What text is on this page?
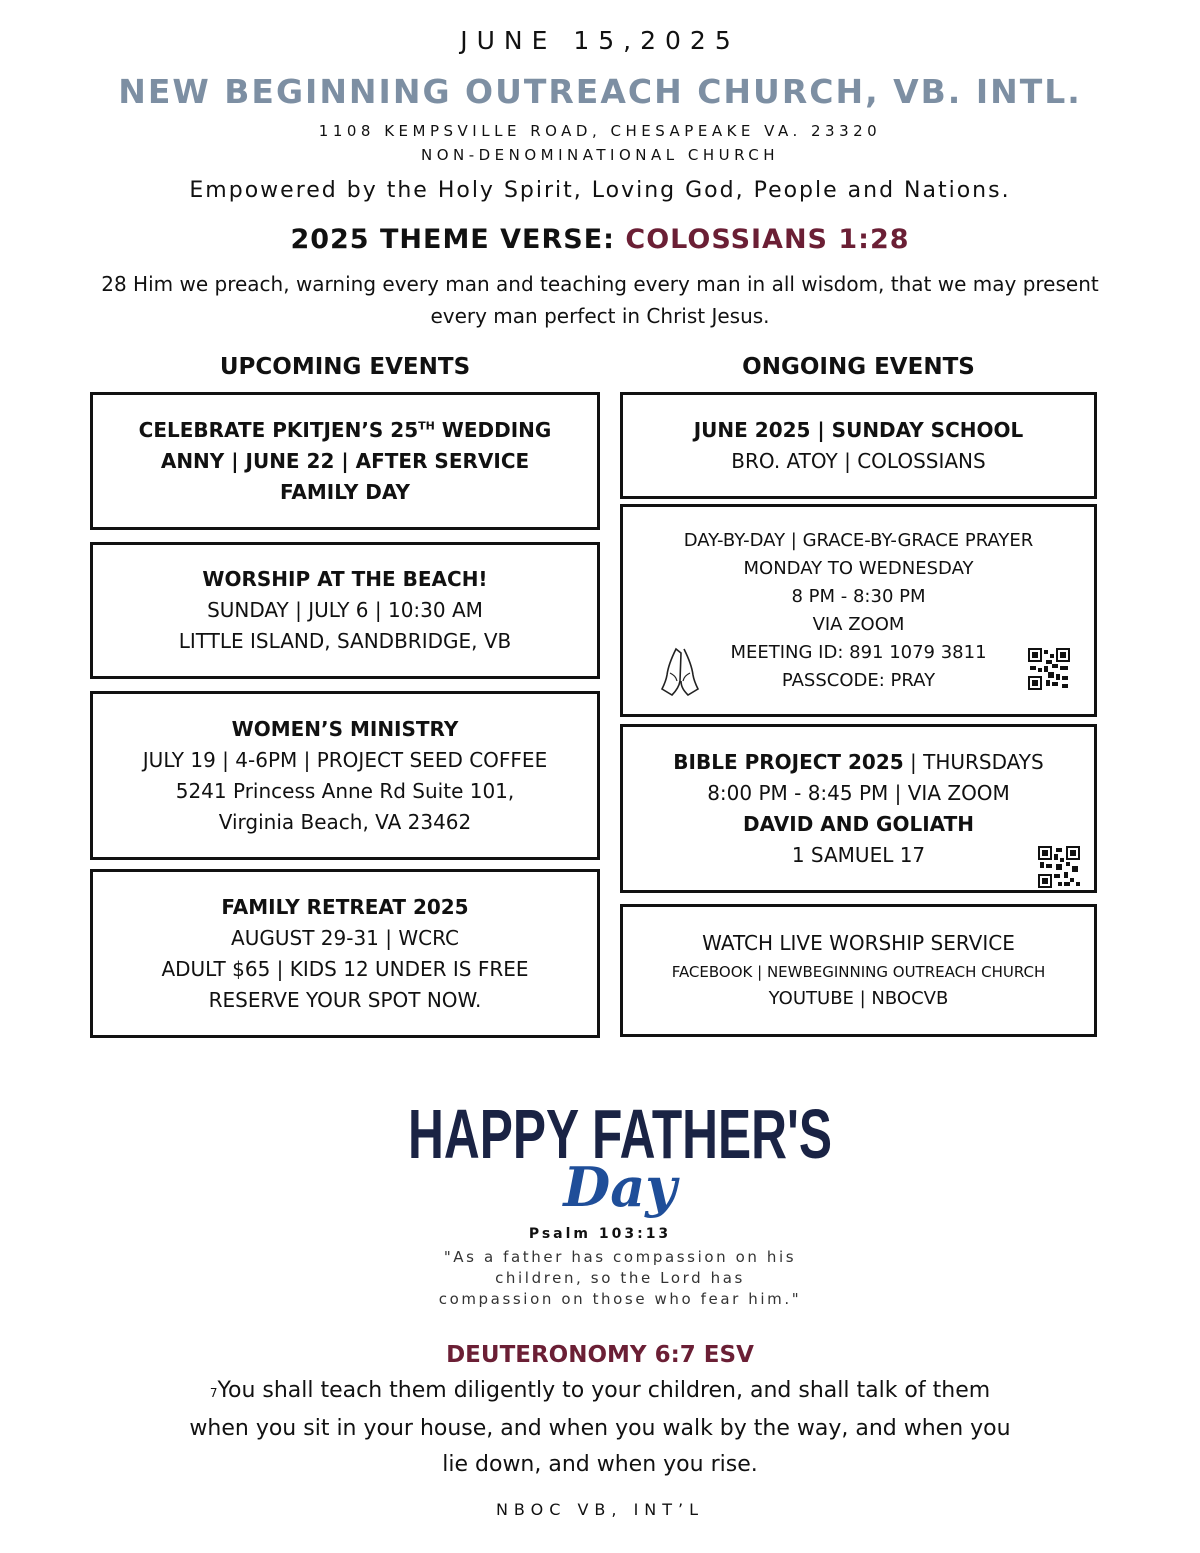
JUNE 15,2025
NEW BEGINNING OUTREACH CHURCH, VB. INTL.
1108 KEMPSVILLE ROAD, CHESAPEAKE VA. 23320
NON-DENOMINATIONAL CHURCH
Empowered by the Holy Spirit, Loving God, People and Nations.
2025 THEME VERSE: COLOSSIANS 1:28
28 Him we preach, warning every man and teaching every man in all wisdom, that we may present every man perfect in Christ Jesus.
UPCOMING EVENTS	ONGOING EVENTS
CELEBRATE PKITJEN’S 25TH WEDDING
ANNY | JUNE 22 | AFTER SERVICE
FAMILY DAY
WORSHIP AT THE BEACH!
SUNDAY | JULY 6 | 10:30 AM
LITTLE ISLAND, SANDBRIDGE, VB
WOMEN’S MINISTRY
JULY 19 | 4-6PM | PROJECT SEED COFFEE
5241 Princess Anne Rd Suite 101,
Virginia Beach, VA 23462
FAMILY RETREAT 2025
AUGUST 29-31 | WCRC
ADULT $65 | KIDS 12 UNDER IS FREE
RESERVE YOUR SPOT NOW.
JUNE 2025 | SUNDAY SCHOOL
BRO. ATOY | COLOSSIANS
DAY-BY-DAY | GRACE-BY-GRACE PRAYER
MONDAY TO WEDNESDAY
8 PM - 8:30 PM
VIA ZOOM
MEETING ID: 891 1079 3811
PASSCODE: PRAY
BIBLE PROJECT 2025 | THURSDAYS
8:00 PM - 8:45 PM | VIA ZOOM
DAVID AND GOLIATH
1 SAMUEL 17
WATCH LIVE WORSHIP SERVICE
FACEBOOK | NEWBEGINNING OUTREACH CHURCH
YOUTUBE | NBOCVB
HAPPY FATHER'S
Day
Psalm 103:13
"As a father has compassion on his
children, so the Lord has
compassion on those who fear him."
DEUTERONOMY 6:7 ESV
7You shall teach them diligently to your children, and shall talk of them
when you sit in your house, and when you walk by the way, and when you
lie down, and when you rise.
NBOC VB, INT’L
